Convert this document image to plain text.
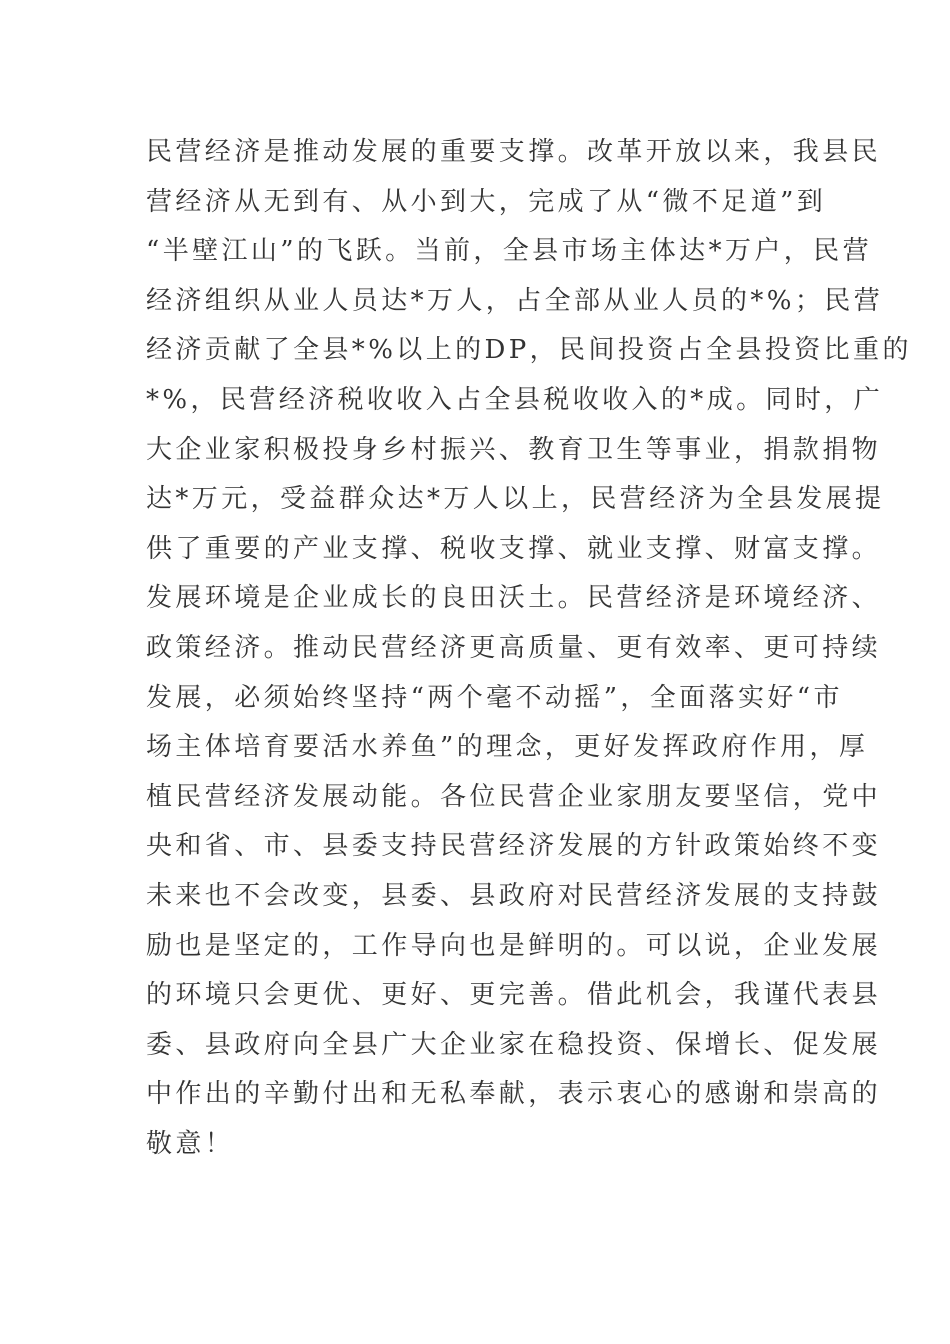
民营经济是推动发展的重要支撑。改革开放以来，我县民
营经济从无到有、从小到大，完成了从“微不足道”到
“半壁江山”的飞跃。当前，全县市场主体达*万户，民营
经济组织从业人员达*万人，占全部从业人员的*%；民营
经济贡献了全县*%以上的DP，民间投资占全县投资比重的
*%，民营经济税收收入占全县税收收入的*成。同时，广
大企业家积极投身乡村振兴、教育卫生等事业，捐款捐物
达*万元，受益群众达*万人以上，民营经济为全县发展提
供了重要的产业支撑、税收支撑、就业支撑、财富支撑。
发展环境是企业成长的良田沃土。民营经济是环境经济、
政策经济。推动民营经济更高质量、更有效率、更可持续
发展，必须始终坚持“两个毫不动摇”，全面落实好“市
场主体培育要活水养鱼”的理念，更好发挥政府作用，厚
植民营经济发展动能。各位民营企业家朋友要坚信，党中
央和省、市、县委支持民营经济发展的方针政策始终不变
未来也不会改变，县委、县政府对民营经济发展的支持鼓
励也是坚定的，工作导向也是鲜明的。可以说，企业发展
的环境只会更优、更好、更完善。借此机会，我谨代表县
委、县政府向全县广大企业家在稳投资、保增长、促发展
中作出的辛勤付出和无私奉献，表示衷心的感谢和崇高的
敬意！
